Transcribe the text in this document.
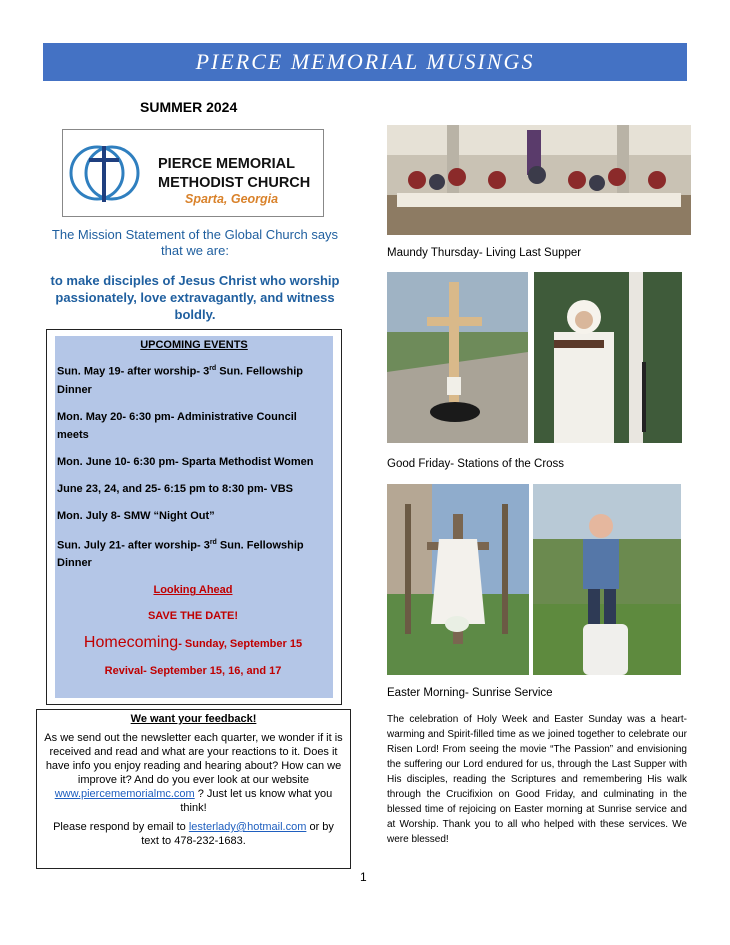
PIERCE MEMORIAL MUSINGS
SUMMER 2024
PIERCE MEMORIAL
METHODIST CHURCH
Sparta, Georgia
The Mission Statement of the Global Church says that we are:
to make disciples of Jesus Christ who worship passionately, love extravagantly, and witness boldly.
UPCOMING EVENTS
Sun. May 19- after worship- 3rd Sun. Fellowship Dinner
Mon. May 20- 6:30 pm- Administrative Council meets
Mon. June 10- 6:30 pm- Sparta Methodist Women
June 23, 24, and 25- 6:15 pm to 8:30 pm- VBS
Mon. July 8- SMW “Night Out”
Sun. July 21- after worship- 3rd Sun. Fellowship Dinner
Looking Ahead
SAVE THE DATE!
Homecoming- Sunday, September 15
Revival- September 15, 16, and 17
We want your feedback!

As we send out the newsletter each quarter, we wonder if it is received and read and what are your reactions to it. Does it have info you enjoy reading and hearing about? How can we improve it? And do you ever look at our website www.piercememorialmc.com ? Just let us know what you think!

Please respond by email to lesterlady@hotmail.com or by text to 478-232-1683.

Maundy Thursday- Living Last Supper
Good Friday- Stations of the Cross
Easter Morning- Sunrise Service
The celebration of Holy Week and Easter Sunday was a heart-warming and Spirit-filled time as we joined together to celebrate our Risen Lord! From seeing the movie “The Passion” and envisioning the suffering our Lord endured for us, through the Last Supper with His disciples, reading the Scriptures and remembering His walk through the Crucifixion on Good Friday, and culminating in the blessed time of rejoicing on Easter morning at Sunrise service and at Worship. Thank you to all who helped with these services. We were blessed!
1
